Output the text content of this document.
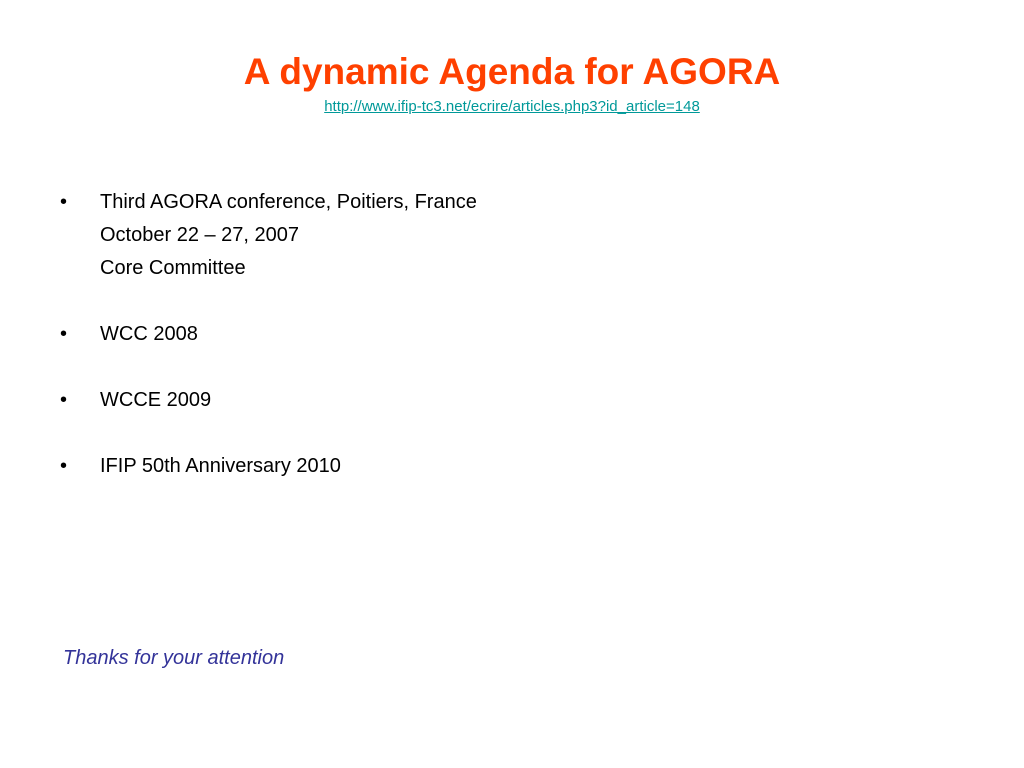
A dynamic Agenda for AGORA
http://www.ifip-tc3.net/ecrire/articles.php3?id_article=148
•	Third AGORA conference, Poitiers, France
October 22 – 27, 2007
Core Committee
•	WCC 2008
•	WCCE 2009
•	IFIP 50th Anniversary 2010
Thanks for your attention
